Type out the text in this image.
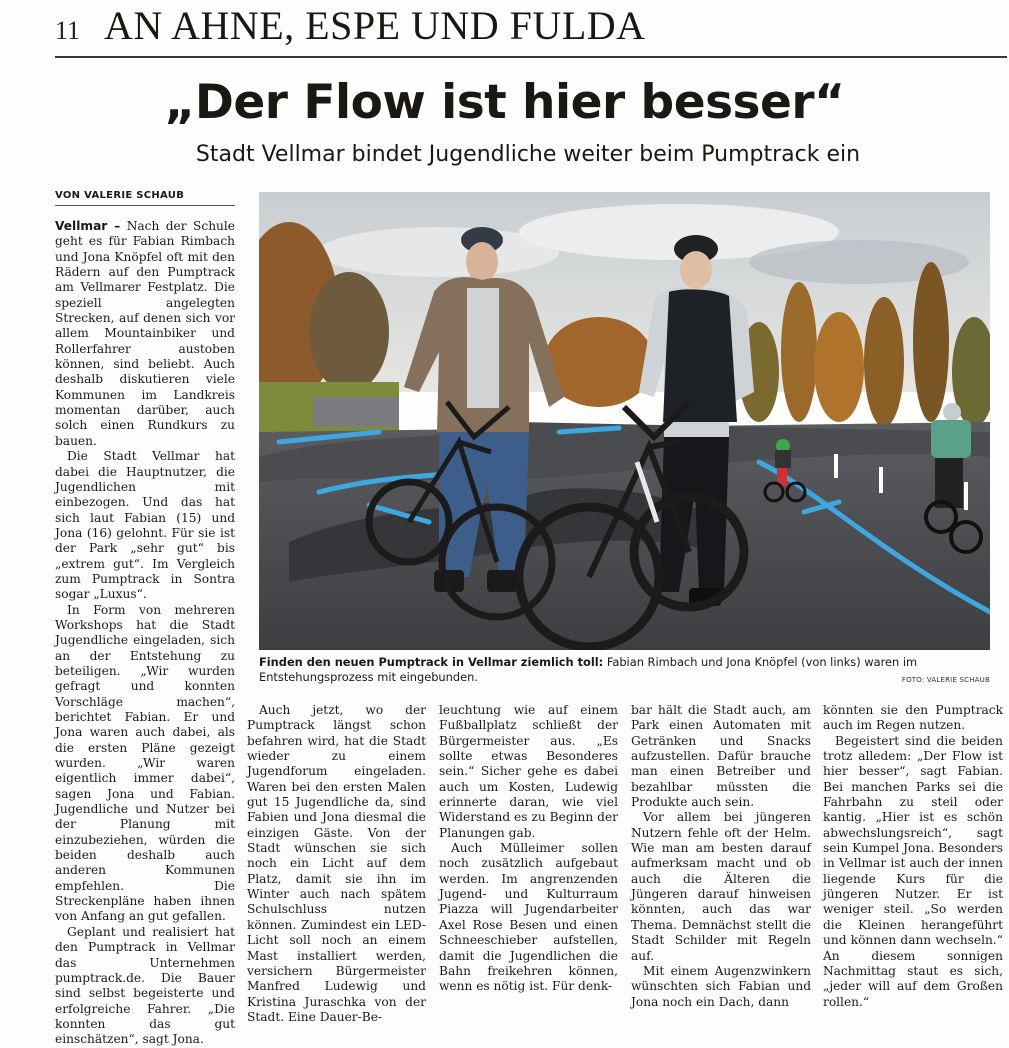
11 AN AHNE, ESPE UND FULDA
„Der Flow ist hier besser“
Stadt Vellmar bindet Jugendliche weiter beim Pumptrack ein
VON VALERIE SCHAUB

Vellmar – Nach der Schule geht es für Fabian Rimbach und Jona Knöpfel oft mit den Rädern auf den Pumptrack am Vellmarer Festplatz. Die speziell angelegten Strecken, auf denen sich vor allem Mountainbiker und Rollerfahrer austoben können, sind beliebt. Auch deshalb diskutieren viele Kommunen im Landkreis momentan darüber, auch solch einen Rundkurs zu bauen.

Die Stadt Vellmar hat dabei die Hauptnutzer, die Jugendlichen mit einbezogen. Und das hat sich laut Fabian (15) und Jona (16) gelohnt. Für sie ist der Park „sehr gut“ bis „extrem gut“. Im Vergleich zum Pumptrack in Sontra sogar „Luxus“.

In Form von mehreren Workshops hat die Stadt Jugendliche eingeladen, sich an der Entstehung zu beteiligen. „Wir wurden gefragt und konnten Vorschläge machen“, berichtet Fabian. Er und Jona waren auch dabei, als die ersten Pläne gezeigt wurden. „Wir waren eigentlich immer dabei“, sagen Jona und Fabian. Jugendliche und Nutzer bei der Planung mit einzubeziehen, würden die beiden deshalb auch anderen Kommunen empfehlen. Die Streckenpläne haben ihnen von Anfang an gut gefallen.

Geplant und realisiert hat den Pumptrack in Vellmar das Unternehmen pumptrack.de. Die Bauer sind selbst begeisterte und erfolgreiche Fahrer. „Die konnten das gut einschätzen“, sagt Jona.

Finden den neuen Pumptrack in Vellmar ziemlich toll: Fabian Rimbach und Jona Knöpfel (von links) waren im Entstehungsprozess mit eingebunden.	FOTO: VALERIE SCHAUB

Auch jetzt, wo der Pumptrack längst schon befahren wird, hat die Stadt wieder zu einem Jugendforum eingeladen. Waren bei den ersten Malen gut 15 Jugendliche da, sind Fabien und Jona diesmal die einzigen Gäste. Von der Stadt wünschen sie sich noch ein Licht auf dem Platz, damit sie ihn im Winter auch nach spätem Schulschluss nutzen können. Zumindest ein LED-Licht soll noch an einem Mast installiert werden, versichern Bürgermeister Manfred Ludewig und Kristina Juraschka von der Stadt. Eine Dauer-Be-

leuchtung wie auf einem Fußballplatz schließt der Bürgermeister aus. „Es sollte etwas Besonderes sein.“ Sicher gehe es dabei auch um Kosten, Ludewig erinnerte daran, wie viel Widerstand es zu Beginn der Planungen gab.

Auch Mülleimer sollen noch zusätzlich aufgebaut werden. Im angrenzenden Jugend- und Kulturraum Piazza will Jugendarbeiter Axel Rose Besen und einen Schneeschieber aufstellen, damit die Jugendlichen die Bahn freikehren können, wenn es nötig ist. Für denk-

bar hält die Stadt auch, am Park einen Automaten mit Getränken und Snacks aufzustellen. Dafür brauche man einen Betreiber und bezahlbar müssten die Produkte auch sein.

Vor allem bei jüngeren Nutzern fehle oft der Helm. Wie man am besten darauf aufmerksam macht und ob auch die Älteren die Jüngeren darauf hinweisen könnten, auch das war Thema. Demnächst stellt die Stadt Schilder mit Regeln auf.

Mit einem Augenzwinkern wünschten sich Fabian und Jona noch ein Dach, dann

könnten sie den Pumptrack auch im Regen nutzen.

Begeistert sind die beiden trotz alledem: „Der Flow ist hier besser“, sagt Fabian. Bei manchen Parks sei die Fahrbahn zu steil oder kantig. „Hier ist es schön abwechslungsreich“, sagt sein Kumpel Jona. Besonders in Vellmar ist auch der innen liegende Kurs für die jüngeren Nutzer. Er ist weniger steil. „So werden die Kleinen herangeführt und können dann wechseln.“ An diesem sonnigen Nachmittag staut es sich, „jeder will auf dem Großen rollen.“
